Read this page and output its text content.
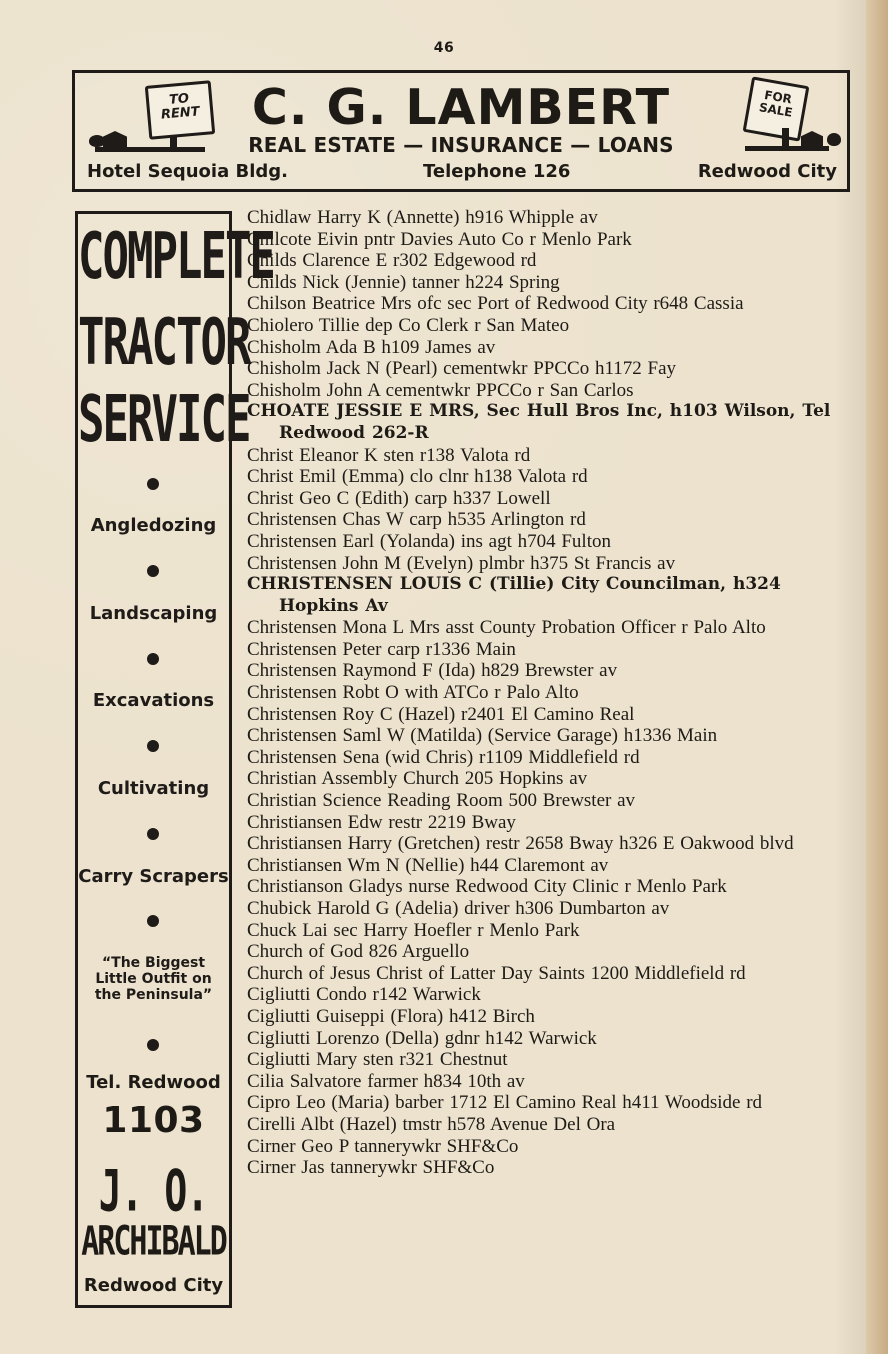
46
TO RENT	C. G. LAMBERT
REAL ESTATE — INSURANCE — LOANS
Hotel Sequoia Bldg.	Telephone 126	Redwood City
FOR SALE
COMPLETE
TRACTOR
SERVICE
Angledozing
Landscaping
Excavations
Cultivating
Carry Scrapers
“The Biggest Little Outfit on the Peninsula”
Tel. Redwood
1103
J. O.
ARCHIBALD
Redwood City
Chidlaw Harry K (Annette) h916 Whipple av
Chilcote Eivin pntr Davies Auto Co r Menlo Park
Childs Clarence E r302 Edgewood rd
Childs Nick (Jennie) tanner h224 Spring
Chilson Beatrice Mrs ofc sec Port of Redwood City r648 Cassia
Chiolero Tillie dep Co Clerk r San Mateo
Chisholm Ada B h109 James av
Chisholm Jack N (Pearl) cementwkr PPCCo h1172 Fay
Chisholm John A cementwkr PPCCo r San Carlos
CHOATE JESSIE E MRS, Sec Hull Bros Inc, h103 Wilson, Tel Redwood 262-R
Christ Eleanor K sten r138 Valota rd
Christ Emil (Emma) clo clnr h138 Valota rd
Christ Geo C (Edith) carp h337 Lowell
Christensen Chas W carp h535 Arlington rd
Christensen Earl (Yolanda) ins agt h704 Fulton
Christensen John M (Evelyn) plmbr h375 St Francis av
CHRISTENSEN LOUIS C (Tillie) City Councilman, h324 Hopkins Av
Christensen Mona L Mrs asst County Probation Officer r Palo Alto
Christensen Peter carp r1336 Main
Christensen Raymond F (Ida) h829 Brewster av
Christensen Robt O with ATCo r Palo Alto
Christensen Roy C (Hazel) r2401 El Camino Real
Christensen Saml W (Matilda) (Service Garage) h1336 Main
Christensen Sena (wid Chris) r1109 Middlefield rd
Christian Assembly Church 205 Hopkins av
Christian Science Reading Room 500 Brewster av
Christiansen Edw restr 2219 Bway
Christiansen Harry (Gretchen) restr 2658 Bway h326 E Oakwood blvd
Christiansen Wm N (Nellie) h44 Claremont av
Christianson Gladys nurse Redwood City Clinic r Menlo Park
Chubick Harold G (Adelia) driver h306 Dumbarton av
Chuck Lai sec Harry Hoefler r Menlo Park
Church of God 826 Arguello
Church of Jesus Christ of Latter Day Saints 1200 Middlefield rd
Cigliutti Condo r142 Warwick
Cigliutti Guiseppi (Flora) h412 Birch
Cigliutti Lorenzo (Della) gdnr h142 Warwick
Cigliutti Mary sten r321 Chestnut
Cilia Salvatore farmer h834 10th av
Cipro Leo (Maria) barber 1712 El Camino Real h411 Woodside rd
Cirelli Albt (Hazel) tmstr h578 Avenue Del Ora
Cirner Geo P tannerywkr SHF&Co
Cirner Jas tannerywkr SHF&Co
